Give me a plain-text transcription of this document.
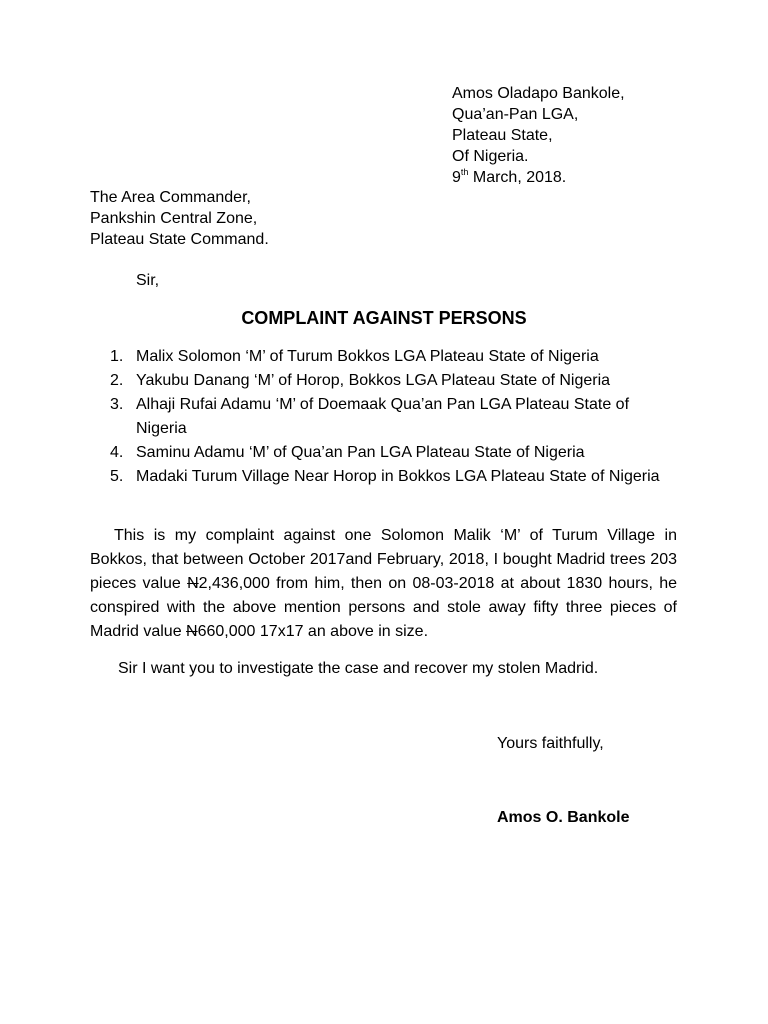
Amos Oladapo Bankole,
Qua’an-Pan LGA,
Plateau State,
Of Nigeria.
9th March, 2018.
The Area Commander,
Pankshin Central Zone,
Plateau State Command.
Sir,
COMPLAINT AGAINST PERSONS
1. Malix Solomon ‘M’ of Turum Bokkos LGA Plateau State of Nigeria
2. Yakubu Danang ‘M’ of Horop, Bokkos LGA Plateau State of Nigeria
3. Alhaji Rufai Adamu ‘M’ of Doemaak Qua’an Pan LGA Plateau State of Nigeria
4. Saminu Adamu ‘M’ of Qua’an Pan LGA Plateau State of Nigeria
5. Madaki Turum Village Near Horop in Bokkos LGA Plateau State of Nigeria

This is my complaint against one Solomon Malik ‘M’ of Turum Village in Bokkos, that between October 2017and February, 2018, I bought Madrid trees 203 pieces value N2,436,000 from him, then on 08-03-2018 at about 1830 hours, he conspired with the above mention persons and stole away fifty three pieces of Madrid value N660,000 17x17 an above in size.

Sir I want you to investigate the case and recover my stolen Madrid.

Yours faithfully,
Amos O. Bankole
